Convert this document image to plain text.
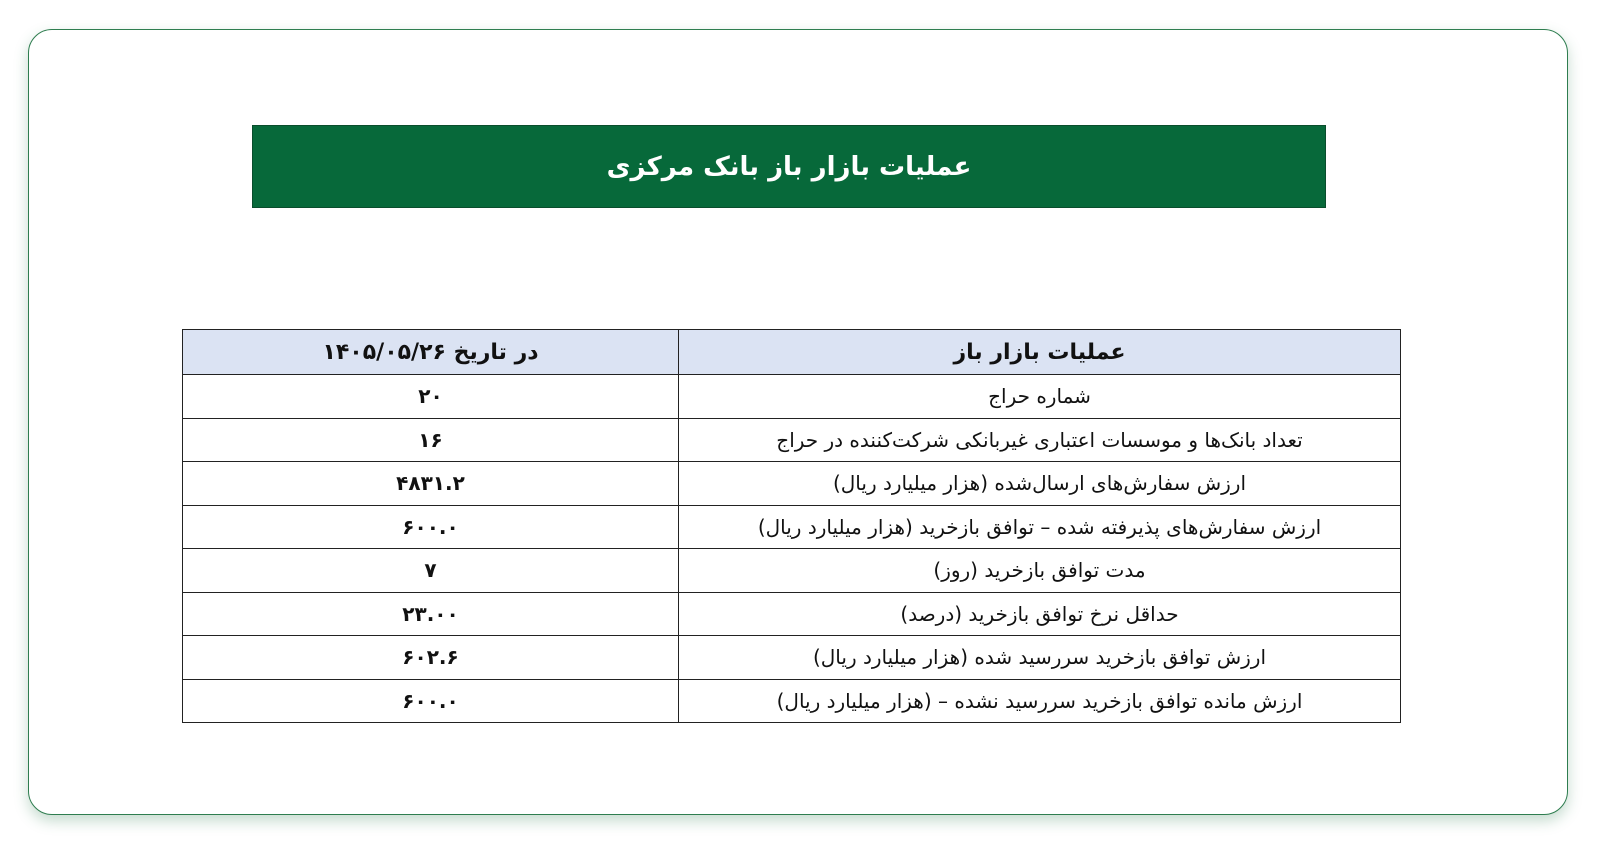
عملیات بازار باز بانک مرکزی
عملیات بازار باز	در تاریخ ۱۴۰۵/۰۵/۲۶
شماره حراج	۲۰
تعداد بانک‌ها و موسسات اعتباری غیربانکی شرکت‌کننده در حراج	۱۶
ارزش سفارش‌های ارسال‌شده (هزار میلیارد ریال)	۴۸۳۱.۲
ارزش سفارش‌های پذیرفته شده – توافق بازخرید (هزار میلیارد ریال)	۶۰۰.۰
مدت توافق بازخرید (روز)	۷
حداقل نرخ توافق بازخرید (درصد)	۲۳.۰۰
ارزش توافق بازخرید سررسید شده (هزار میلیارد ریال)	۶۰۲.۶
ارزش مانده توافق بازخرید سررسید نشده – (هزار میلیارد ریال)	۶۰۰.۰
